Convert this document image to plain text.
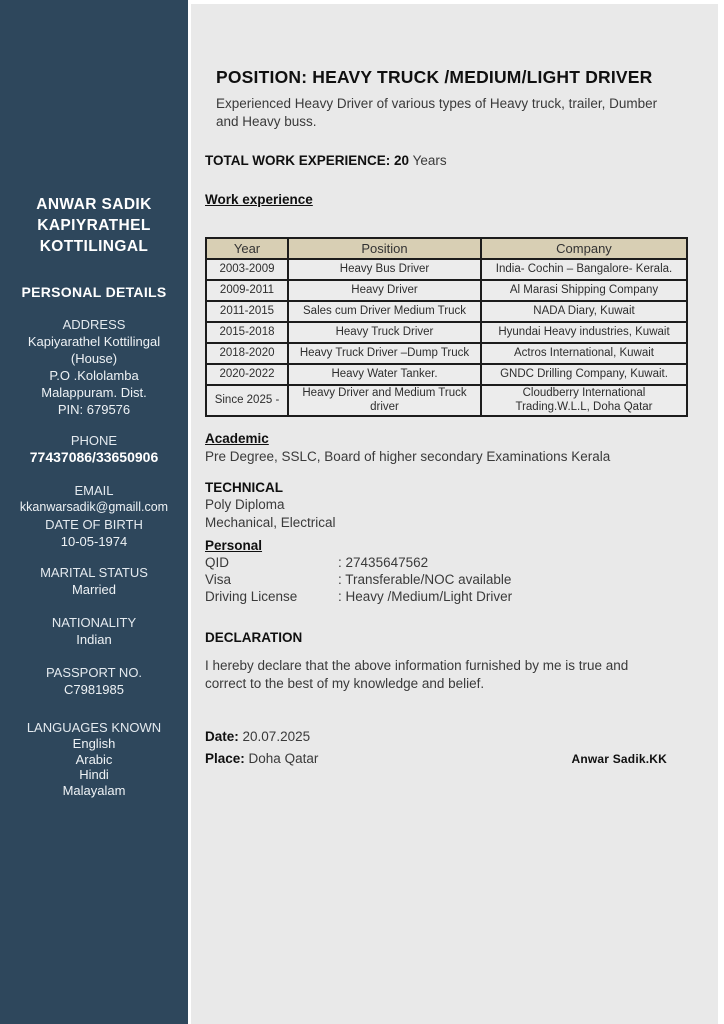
ANWAR SADIK
KAPIYRATHEL
KOTTILINGAL
PERSONAL DETAILS
ADDRESS
Kapiyarathel Kottilingal
(House)
P.O .Kololamba
Malappuram. Dist.
PIN: 679576
PHONE
77437086/33650906
EMAIL
kkanwarsadik@gmaill.com
DATE OF BIRTH
10-05-1974
MARITAL STATUS
Married
NATIONALITY
Indian
PASSPORT NO.
C7981985
LANGUAGES KNOWN
English
Arabic
Hindi
Malayalam
POSITION: HEAVY TRUCK /MEDIUM/LIGHT DRIVER

Experienced Heavy Driver of various types of Heavy truck, trailer, Dumber and Heavy buss.

TOTAL WORK EXPERIENCE: 20 Years
Work experience
Year	Position	Company
2003-2009	Heavy Bus Driver	India- Cochin – Bangalore- Kerala.
2009-2011	Heavy Driver	Al Marasi Shipping Company
2011-2015	Sales cum Driver Medium Truck	NADA Diary, Kuwait
2015-2018	Heavy Truck Driver	Hyundai Heavy industries, Kuwait
2018-2020	Heavy Truck Driver –Dump Truck	Actros International, Kuwait
2020-2022	Heavy Water Tanker.	GNDC Drilling Company, Kuwait.
Since 2025 -	Heavy Driver and Medium Truck driver	Cloudberry International Trading.W.L.L, Doha Qatar
Academic

Pre Degree, SSLC, Board of higher secondary Examinations Kerala

TECHNICAL
Poly Diploma
Mechanical, Electrical
Personal
QID	: 27435647562
Visa	: Transferable/NOC available
Driving License	: Heavy /Medium/Light Driver
DECLARATION

I hereby declare that the above information furnished by me is true and correct to the best of my knowledge and belief.

Date: 20.07.2025
Place: Doha Qatar	Anwar Sadik.KK
